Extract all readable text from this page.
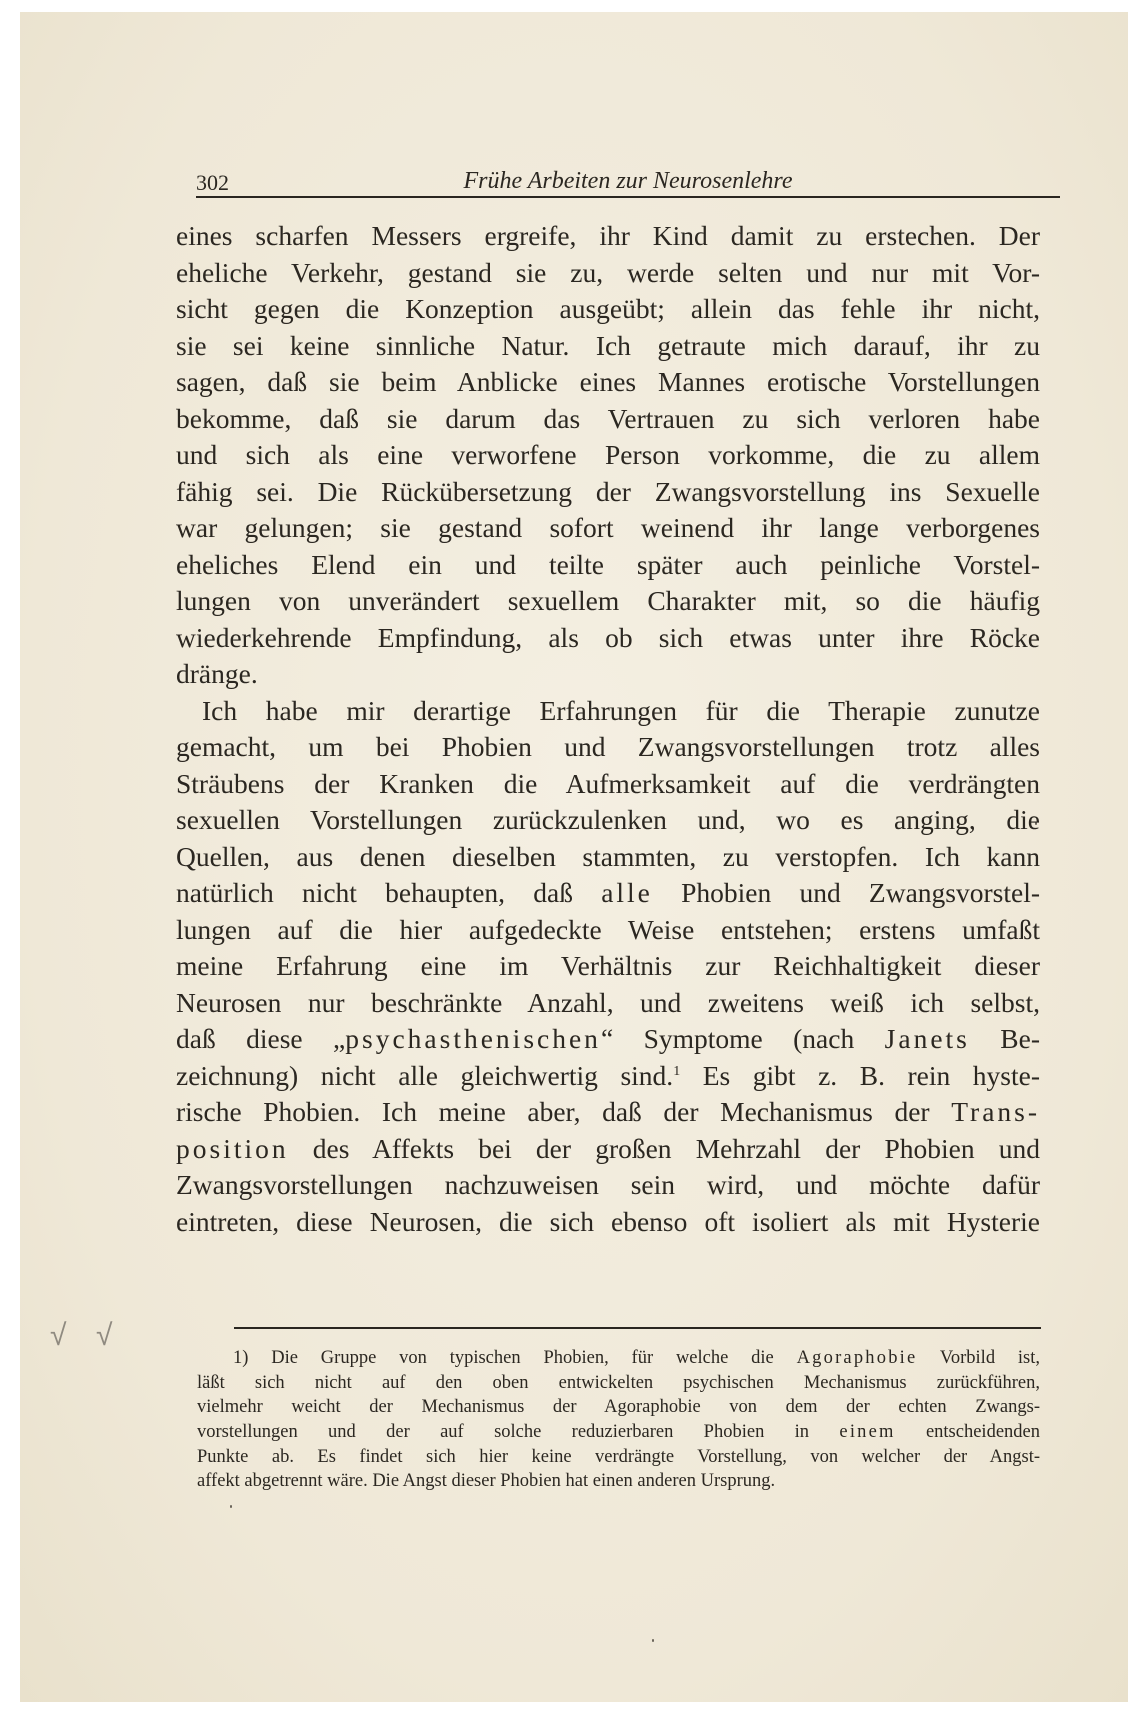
302	Frühe Arbeiten zur Neurosenlehre
eines scharfen Messers ergreife, ihr Kind damit zu erstechen. Der
eheliche Verkehr, gestand sie zu, werde selten und nur mit Vor-
sicht gegen die Konzeption ausgeübt; allein das fehle ihr nicht,
sie sei keine sinnliche Natur. Ich getraute mich darauf, ihr zu
sagen, daß sie beim Anblicke eines Mannes erotische Vorstellungen
bekomme, daß sie darum das Vertrauen zu sich verloren habe
und sich als eine verworfene Person vorkomme, die zu allem
fähig sei. Die Rückübersetzung der Zwangsvorstellung ins Sexuelle
war gelungen; sie gestand sofort weinend ihr lange verborgenes
eheliches Elend ein und teilte später auch peinliche Vorstel-
lungen von unverändert sexuellem Charakter mit, so die häufig
wiederkehrende Empfindung, als ob sich etwas unter ihre Röcke
dränge.
Ich habe mir derartige Erfahrungen für die Therapie zunutze
gemacht, um bei Phobien und Zwangsvorstellungen trotz alles
Sträubens der Kranken die Aufmerksamkeit auf die verdrängten
sexuellen Vorstellungen zurückzulenken und, wo es anging, die
Quellen, aus denen dieselben stammten, zu verstopfen. Ich kann
natürlich nicht behaupten, daß alle Phobien und Zwangsvorstel-
lungen auf die hier aufgedeckte Weise entstehen; erstens umfaßt
meine Erfahrung eine im Verhältnis zur Reichhaltigkeit dieser
Neurosen nur beschränkte Anzahl, und zweitens weiß ich selbst,
daß diese „psychasthenischen“ Symptome (nach Janets Be-
zeichnung) nicht alle gleichwertig sind.$^1$ Es gibt z. B. rein hyste-
rische Phobien. Ich meine aber, daß der Mechanismus der Trans-
position des Affekts bei der großen Mehrzahl der Phobien und
Zwangsvorstellungen nachzuweisen sein wird, und möchte dafür
eintreten, diese Neurosen, die sich ebenso oft isoliert als mit Hysterie
√ √
1) Die Gruppe von typischen Phobien, für welche die Agoraphobie Vorbild ist,
läßt sich nicht auf den oben entwickelten psychischen Mechanismus zurückführen,
vielmehr weicht der Mechanismus der Agoraphobie von dem der echten Zwangs-
vorstellungen und der auf solche reduzierbaren Phobien in einem entscheidenden
Punkte ab. Es findet sich hier keine verdrängte Vorstellung, von welcher der Angst-
affekt abgetrennt wäre. Die Angst dieser Phobien hat einen anderen Ursprung.
